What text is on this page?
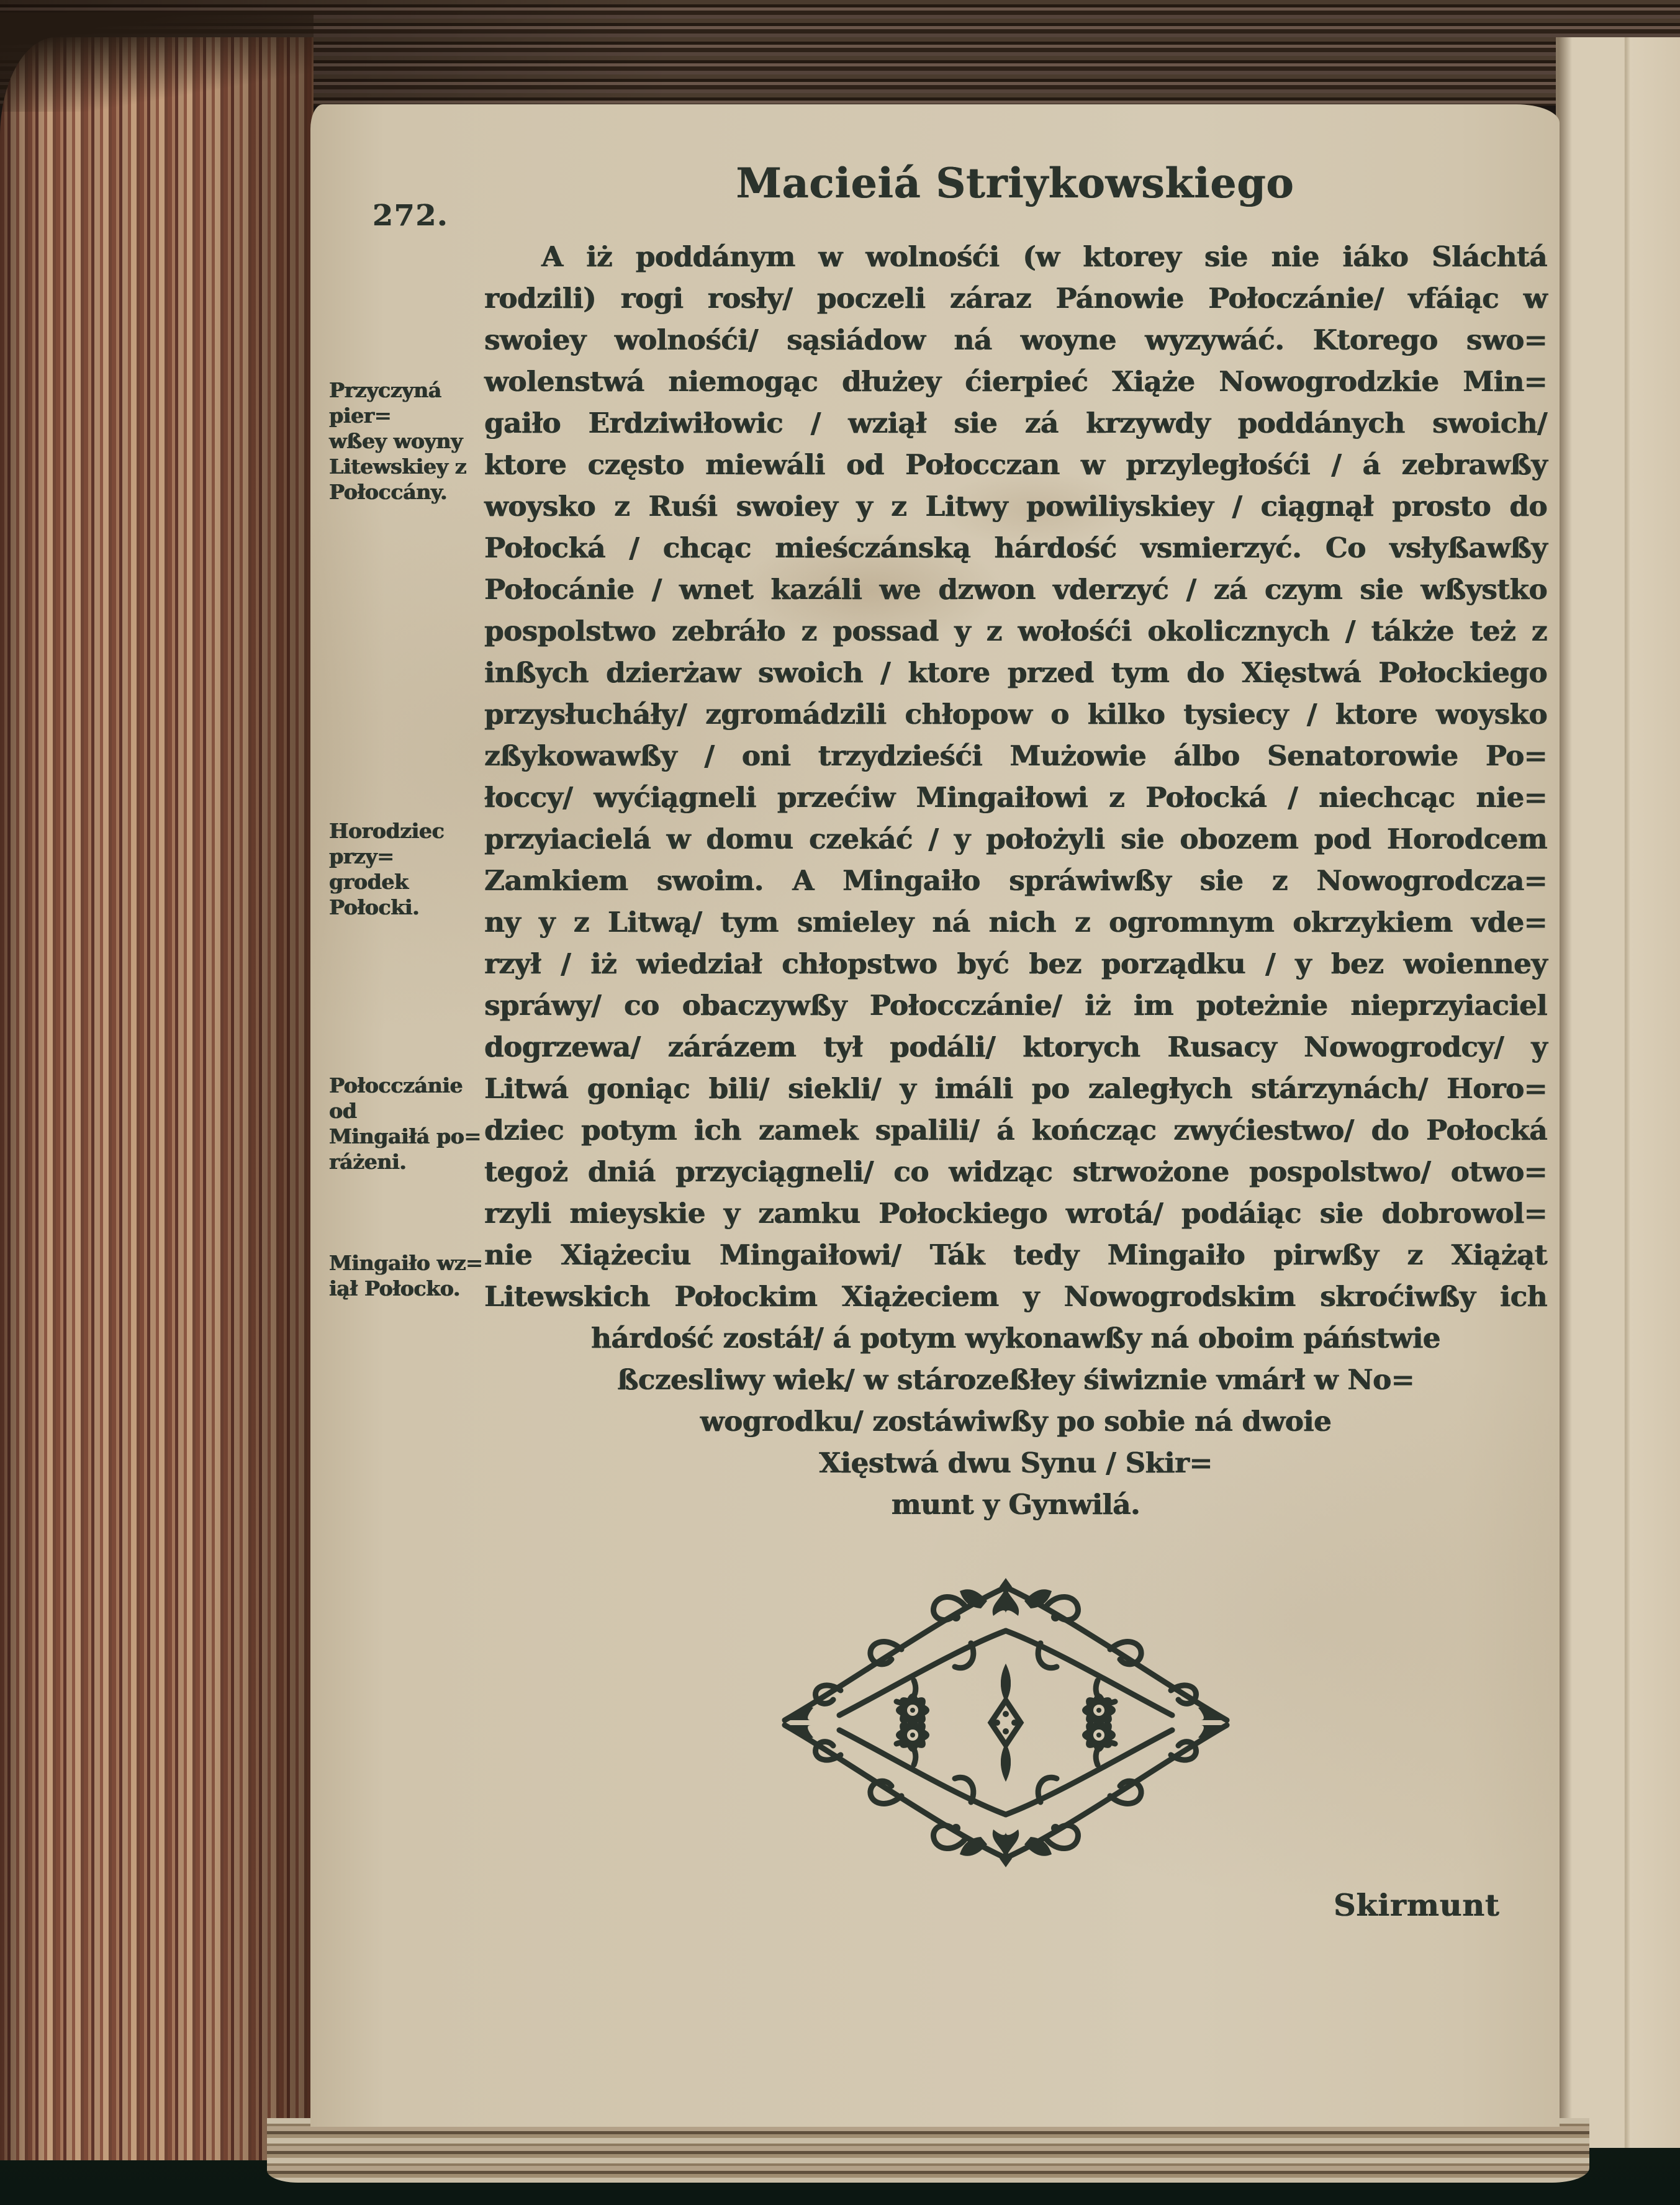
272.
Macieiá Striykowskiego
A iż poddánym w wolnośći (w ktorey sie nie iáko Sláchtá
rodzili) rogi rosły/ poczeli záraz Pánowie Połoczánie/ vfáiąc w
swoiey wolnośći/ sąsiádow ná woyne wyzywáć. Ktorego swo=
wolenstwá niemogąc dłużey ćierpieć Xiąże Nowogrodzkie Min=
gaiło Erdziwiłowic / wziął sie zá krzywdy poddánych swoich/
ktore często miewáli od Połocczan w przyległośći / á zebrawßy
woysko z Ruśi swoiey y z Litwy powiliyskiey / ciągnął prosto do
Połocká / chcąc mieśczánską hárdość vsmierzyć. Co vsłyßawßy
Połocánie / wnet kazáli we dzwon vderzyć / zá czym sie wßystko
pospolstwo zebráło z possad y z wołośći okolicznych / tákże też z
inßych dzierżaw swoich / ktore przed tym do Xięstwá Połockiego
przysłucháły/ zgromádzili chłopow o kilko tysiecy / ktore woysko
zßykowawßy / oni trzydzieśći Mużowie álbo Senatorowie Po=
łoccy/ wyćiągneli przećiw Mingaiłowi z Połocká / niechcąc nie=
przyiacielá w domu czekáć / y położyli sie obozem pod Horodcem
Zamkiem swoim. A Mingaiło spráwiwßy sie z Nowogrodcza=
ny y z Litwą/ tym smieley ná nich z ogromnym okrzykiem vde=
rzył / iż wiedział chłopstwo być bez porządku / y bez woienney
spráwy/ co obaczywßy Połocczánie/ iż im poteżnie nieprzyiaciel
dogrzewa/ zárázem tył podáli/ ktorych Rusacy Nowogrodcy/ y
Litwá goniąc bili/ siekli/ y imáli po zaległych stárzynách/ Horo=
dziec potym ich zamek spalili/ á kończąc zwyćiestwo/ do Połocká
tegoż dniá przyciągneli/ co widząc strwożone pospolstwo/ otwo=
rzyli mieyskie y zamku Połockiego wrotá/ podáiąc sie dobrowol=
nie Xiążeciu Mingaiłowi/ Ták tedy Mingaiło pirwßy z Xiążąt
Litewskich Połockim Xiążeciem y Nowogrodskim skroćiwßy ich
hárdość zostáł/ á potym wykonawßy ná oboim páństwie
ßczesliwy wiek/ w stározeßłey śiwiznie vmárł w No=
wogrodku/ zostáwiwßy po sobie ná dwoie
Xięstwá dwu Synu / Skir=
munt y Gynwilá.
Przyczyná pier=
wßey woyny
Litewskiey z
Połoccány.
Horodziec przy=
grodek Połocki.
Połocczánie od
Mingaiłá po=
ráżeni.
Mingaiło wz=
iął Połocko.
Skirmunt
